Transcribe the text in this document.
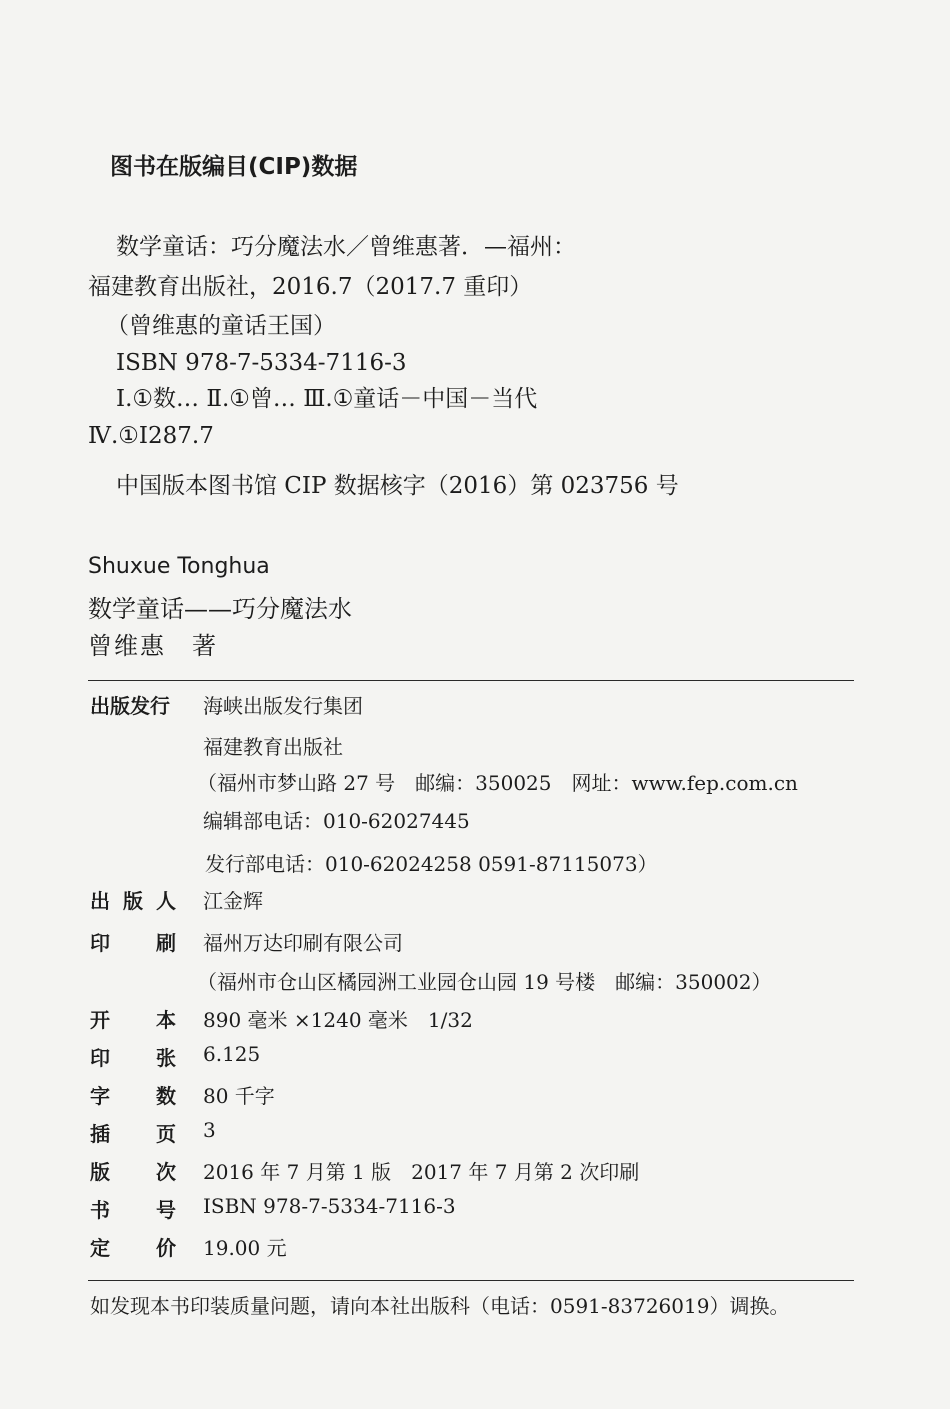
图书在版编目(CIP)数据
数学童话：巧分魔法水／曾维惠著．—福州：
福建教育出版社，2016.7（2017.7 重印）
（曾维惠的童话王国）
ISBN 978-7-5334-7116-3
Ⅰ.①数… Ⅱ.①曾… Ⅲ.①童话－中国－当代
Ⅳ.①I287.7
中国版本图书馆 CIP 数据核字（2016）第 023756 号
Shuxue Tonghua
数学童话——巧分魔法水
曾维惠　著
出版发行	海峡出版发行集团
福建教育出版社
（福州市梦山路 27 号　邮编：350025　网址：www.fep.com.cn
编辑部电话：010-62027445
发行部电话：010-62024258 0591-87115073）
出 版 人 江金辉
印 刷 福州万达印刷有限公司
（福州市仓山区橘园洲工业园仓山园 19 号楼　邮编：350002）
开 本 890 毫米 ×1240 毫米　1/32
印 张 6.125
字 数 80 千字
插 页 3
版 次 2016 年 7 月第 1 版　2017 年 7 月第 2 次印刷
书 号 ISBN 978-7-5334-7116-3
定 价 19.00 元
如发现本书印装质量问题，请向本社出版科（电话：0591-83726019）调换。
